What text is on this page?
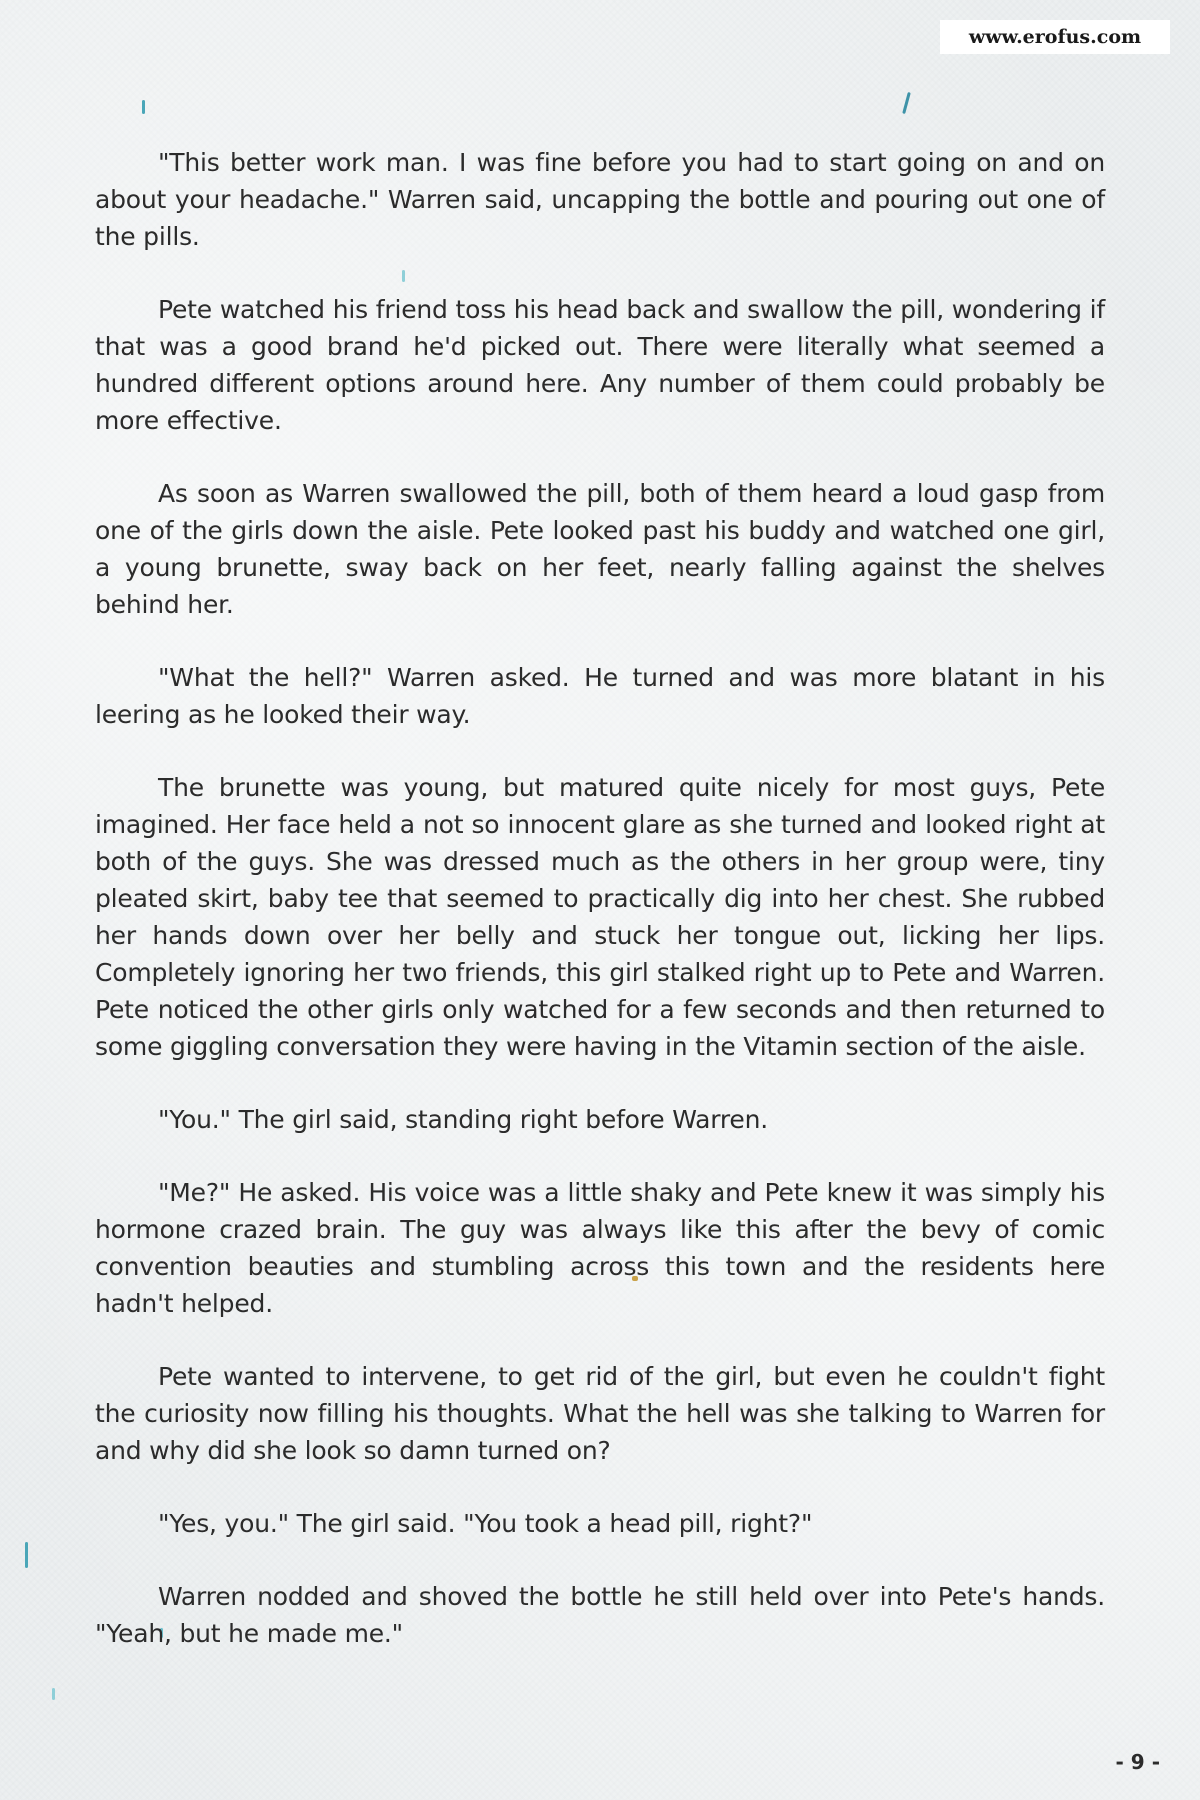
www.erofus.com

"This better work man. I was fine before you had to start going on and on about your headache." Warren said, uncapping the bottle and pouring out one of the pills.

Pete watched his friend toss his head back and swallow the pill, wondering if that was a good brand he'd picked out. There were literally what seemed a hundred different options around here. Any number of them could probably be more effective.

As soon as Warren swallowed the pill, both of them heard a loud gasp from one of the girls down the aisle. Pete looked past his buddy and watched one girl, a young brunette, sway back on her feet, nearly falling against the shelves behind her.

"What the hell?" Warren asked. He turned and was more blatant in his leering as he looked their way.

The brunette was young, but matured quite nicely for most guys, Pete imagined. Her face held a not so innocent glare as she turned and looked right at both of the guys. She was dressed much as the others in her group were, tiny pleated skirt, baby tee that seemed to practically dig into her chest. She rubbed her hands down over her belly and stuck her tongue out, licking her lips. Completely ignoring her two friends, this girl stalked right up to Pete and Warren. Pete noticed the other girls only watched for a few seconds and then returned to some giggling conversation they were having in the Vitamin section of the aisle.

"You." The girl said, standing right before Warren.

"Me?" He asked. His voice was a little shaky and Pete knew it was simply his hormone crazed brain. The guy was always like this after the bevy of comic convention beauties and stumbling across this town and the residents here hadn't helped.

Pete wanted to intervene, to get rid of the girl, but even he couldn't fight the curiosity now filling his thoughts. What the hell was she talking to Warren for and why did she look so damn turned on?

"Yes, you." The girl said. "You took a head pill, right?"

Warren nodded and shoved the bottle he still held over into Pete's hands. "Yeah, but he made me."

- 9 -
